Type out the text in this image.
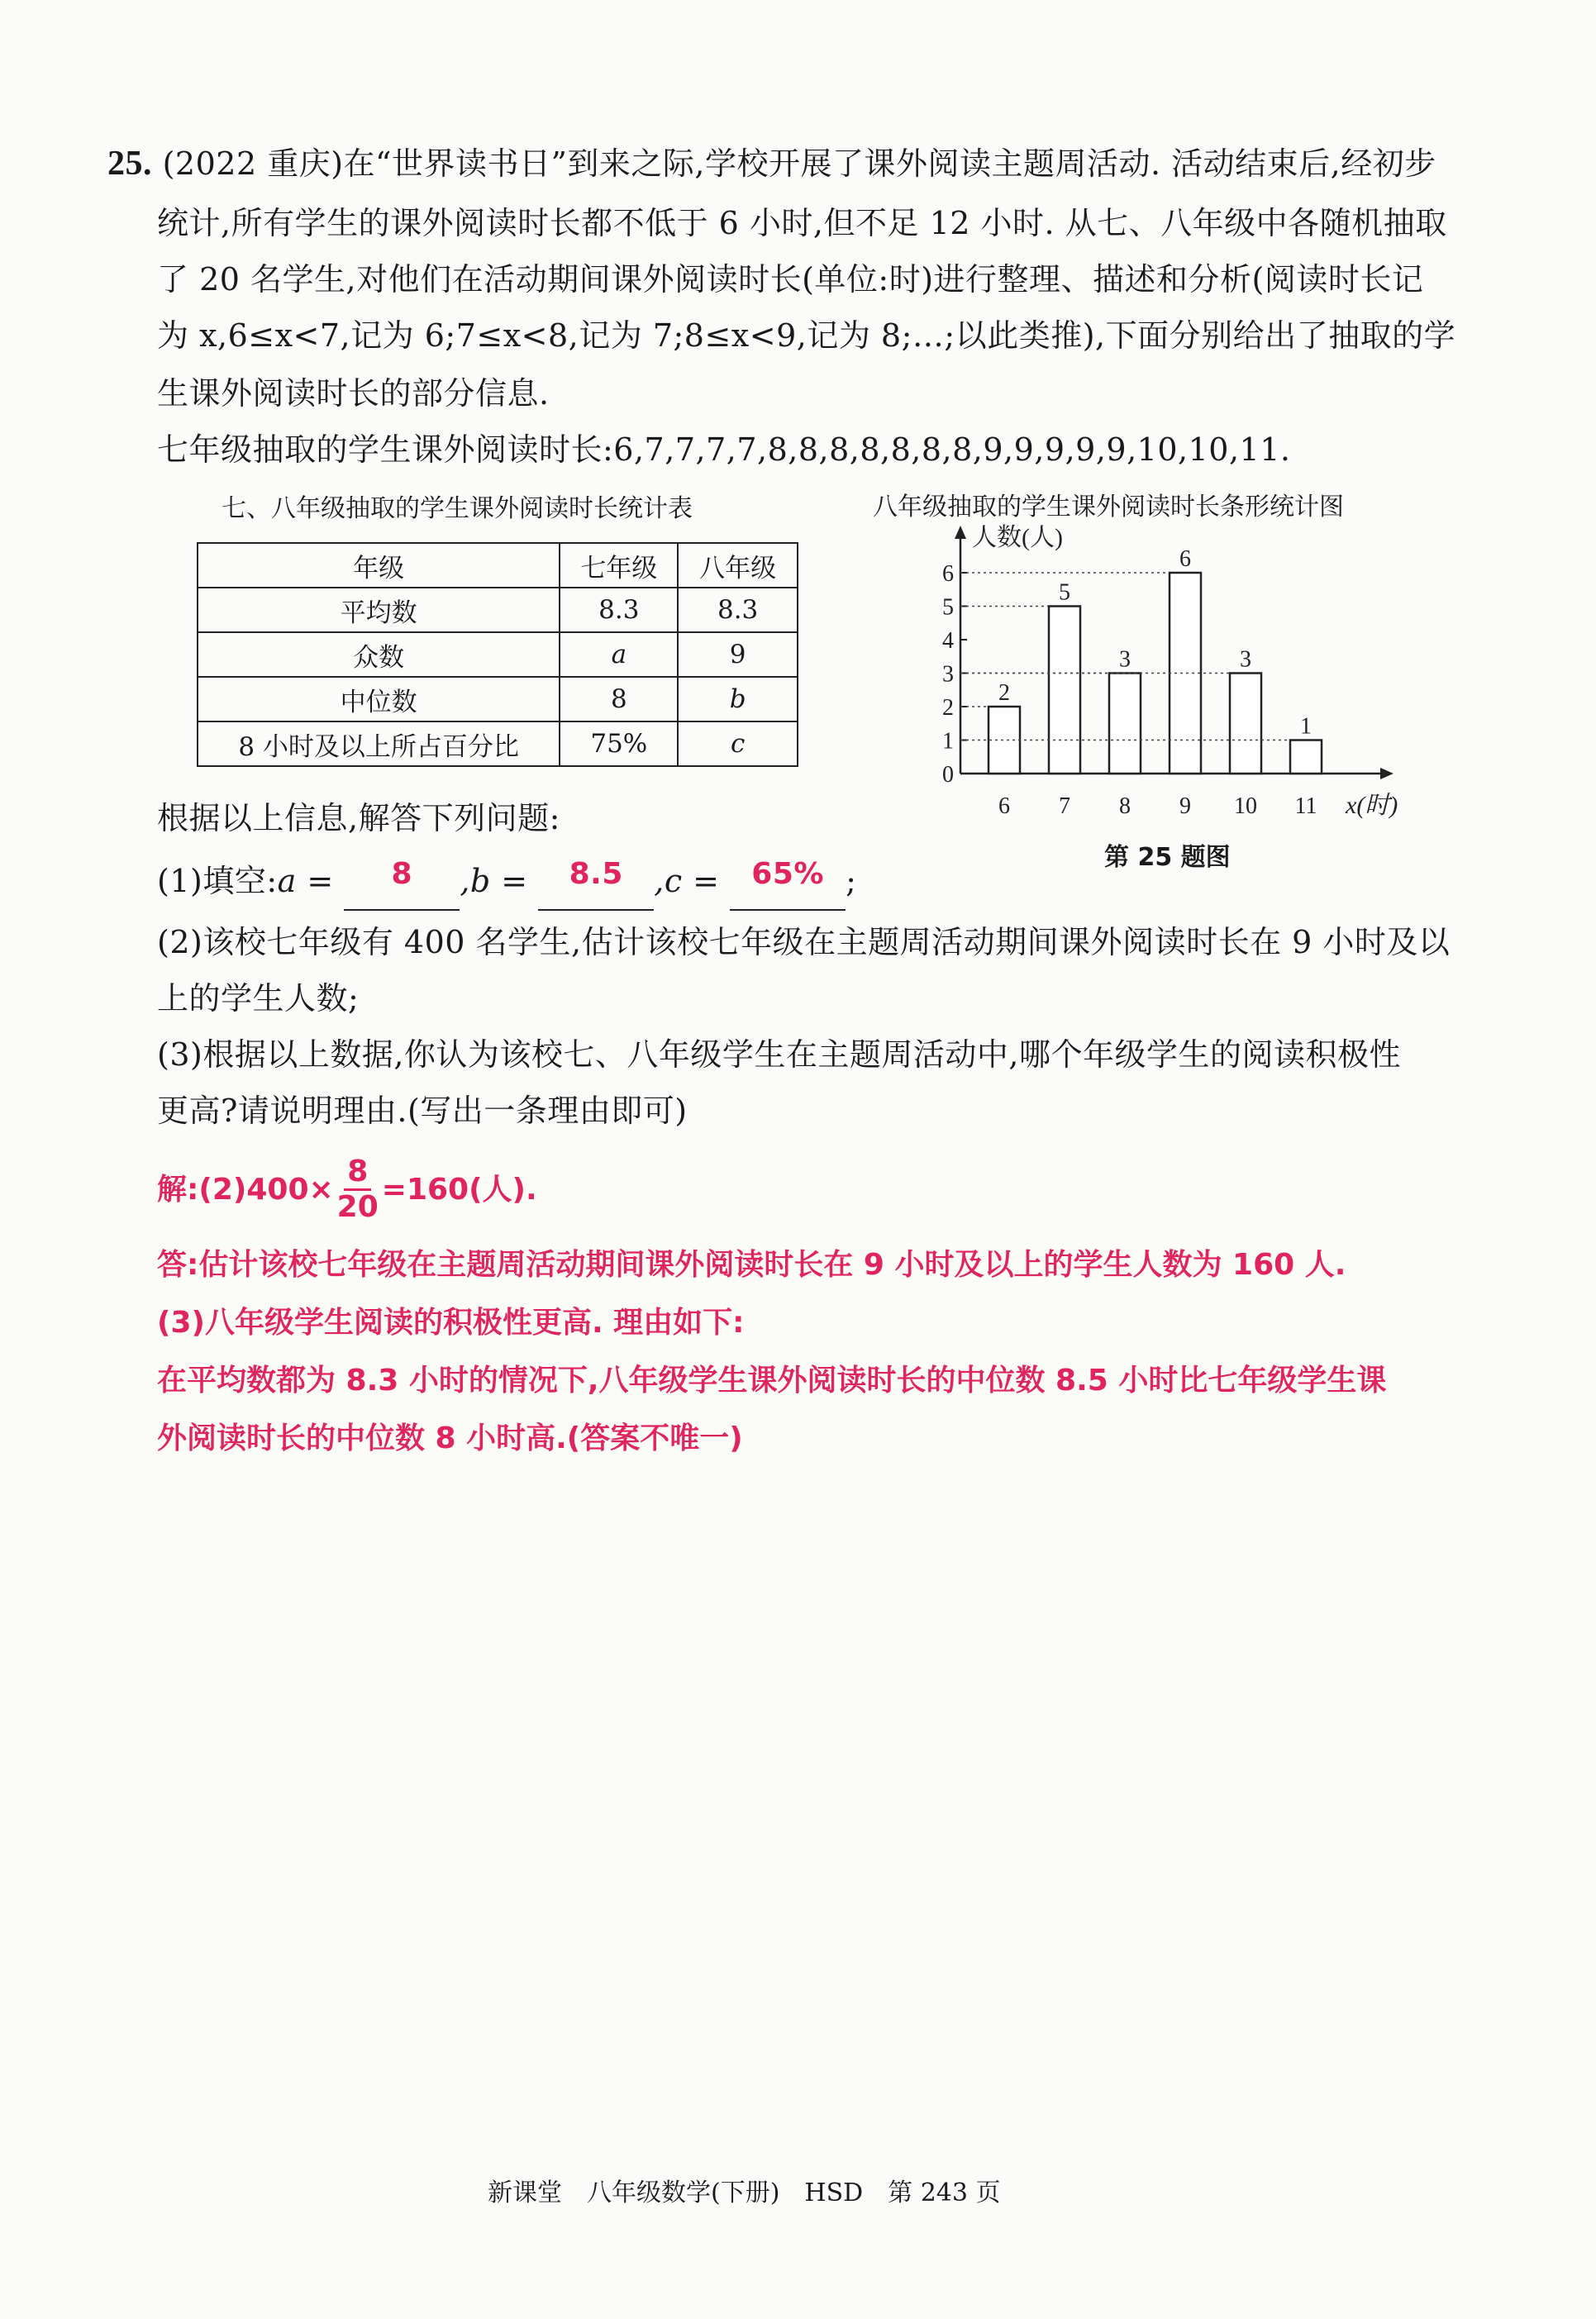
25. (2022 重庆)在“世界读书日”到来之际,学校开展了课外阅读主题周活动. 活动结束后,经初步
统计,所有学生的课外阅读时长都不低于 6 小时,但不足 12 小时. 从七、八年级中各随机抽取
了 20 名学生,对他们在活动期间课外阅读时长(单位:时)进行整理、描述和分析(阅读时长记
为 x,6≤x<7,记为 6;7≤x<8,记为 7;8≤x<9,记为 8;…;以此类推),下面分别给出了抽取的学
生课外阅读时长的部分信息.
七年级抽取的学生课外阅读时长:6,7,7,7,7,8,8,8,8,8,8,8,9,9,9,9,9,10,10,11.
七、八年级抽取的学生课外阅读时长统计表
年级	七年级	八年级
平均数	8.3	8.3
众数	a	9
中位数	8	b
8 小时及以上所占百分比	75%	c
八年级抽取的学生课外阅读时长条形统计图
人数(人)
x(时)
0
1
2
3
4
5
6
2
6
5
7
3
8
6
9
3
10
1
11
第 25 题图
根据以上信息,解答下列问题:
(1)填空:a =	8	,b =	8.5 ,c =	65% ;
(2)该校七年级有 400 名学生,估计该校七年级在主题周活动期间课外阅读时长在 9 小时及以
上的学生人数;
(3)根据以上数据,你认为该校七、八年级学生在主题周活动中,哪个年级学生的阅读积极性
更高?请说明理由.(写出一条理由即可)
解:(2)400× $\frac{8}{20} =160$(人).
答:估计该校七年级在主题周活动期间课外阅读时长在 9 小时及以上的学生人数为 160 人.
(3)八年级学生阅读的积极性更高. 理由如下:
在平均数都为 8.3 小时的情况下,八年级学生课外阅读时长的中位数 8.5 小时比七年级学生课
外阅读时长的中位数 8 小时高.(答案不唯一)
新课堂　八年级数学(下册)　HSD　第 243 页
